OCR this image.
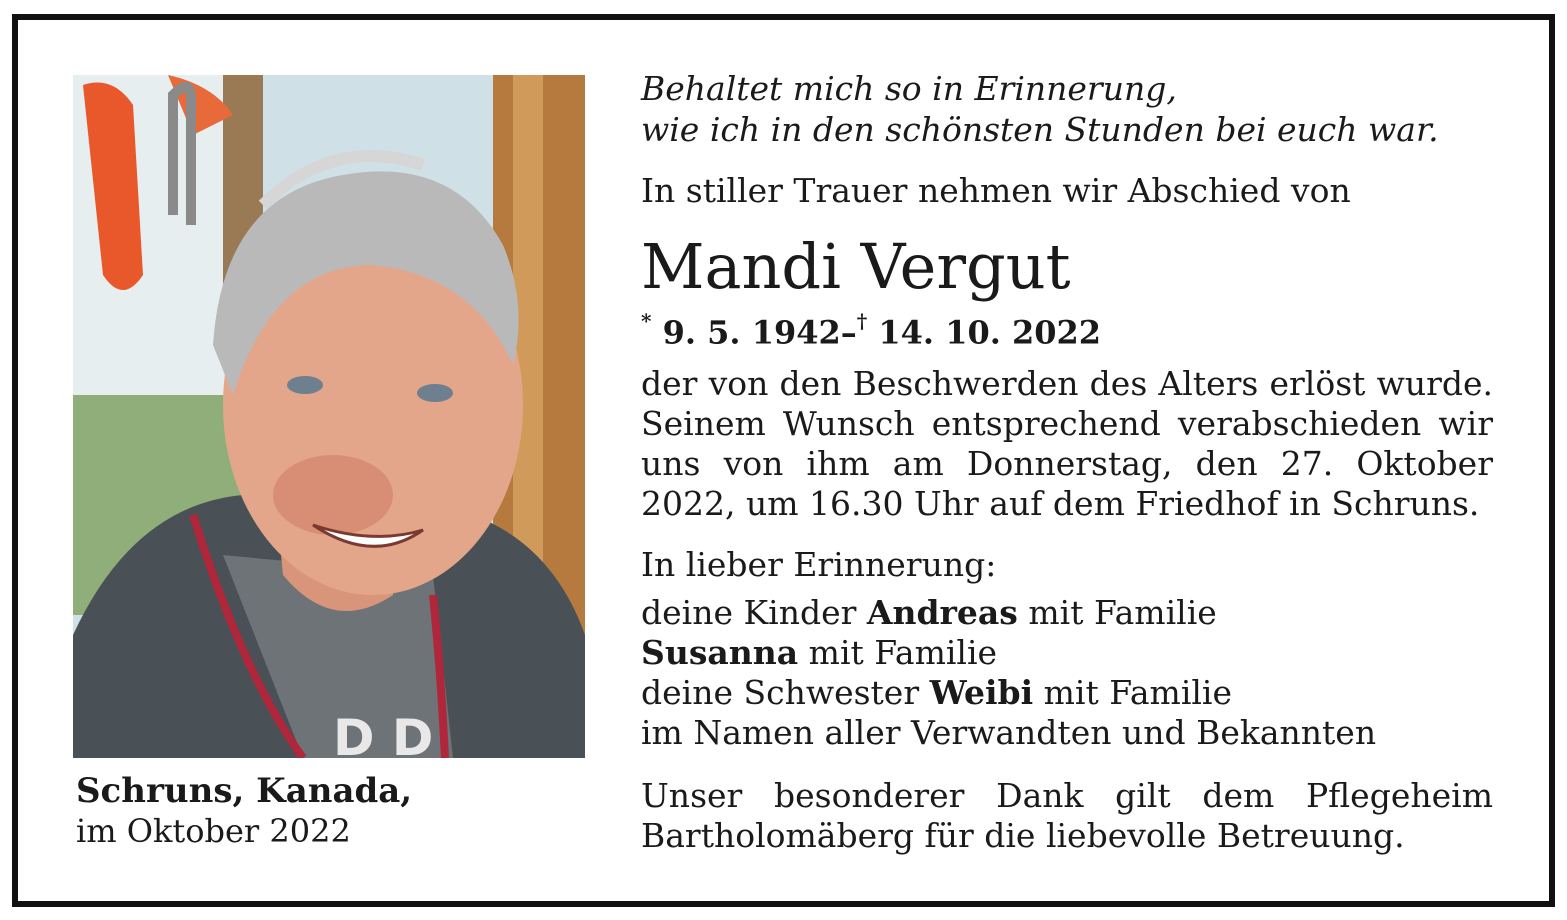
D D
Schruns, Kanada,
im Oktober 2022
Behaltet mich so in Erinnerung,
wie ich in den schönsten Stunden bei euch war.
In stiller Trauer nehmen wir Abschied von
Mandi Vergut
* 9. 5. 1942–† 14. 10. 2022
der von den Beschwerden des Alters erlöst wurde. Seinem Wunsch entsprechend verabschieden wir uns von ihm am Donnerstag, den 27. Oktober 2022, um 16.30 Uhr auf dem Friedhof in Schruns.
In lieber Erinnerung:
deine Kinder Andreas mit Familie
Susanna mit Familie
deine Schwester Weibi mit Familie
im Namen aller Verwandten und Bekannten
Unser besonderer Dank gilt dem Pflegeheim Bartholomäberg für die liebevolle Betreuung.
